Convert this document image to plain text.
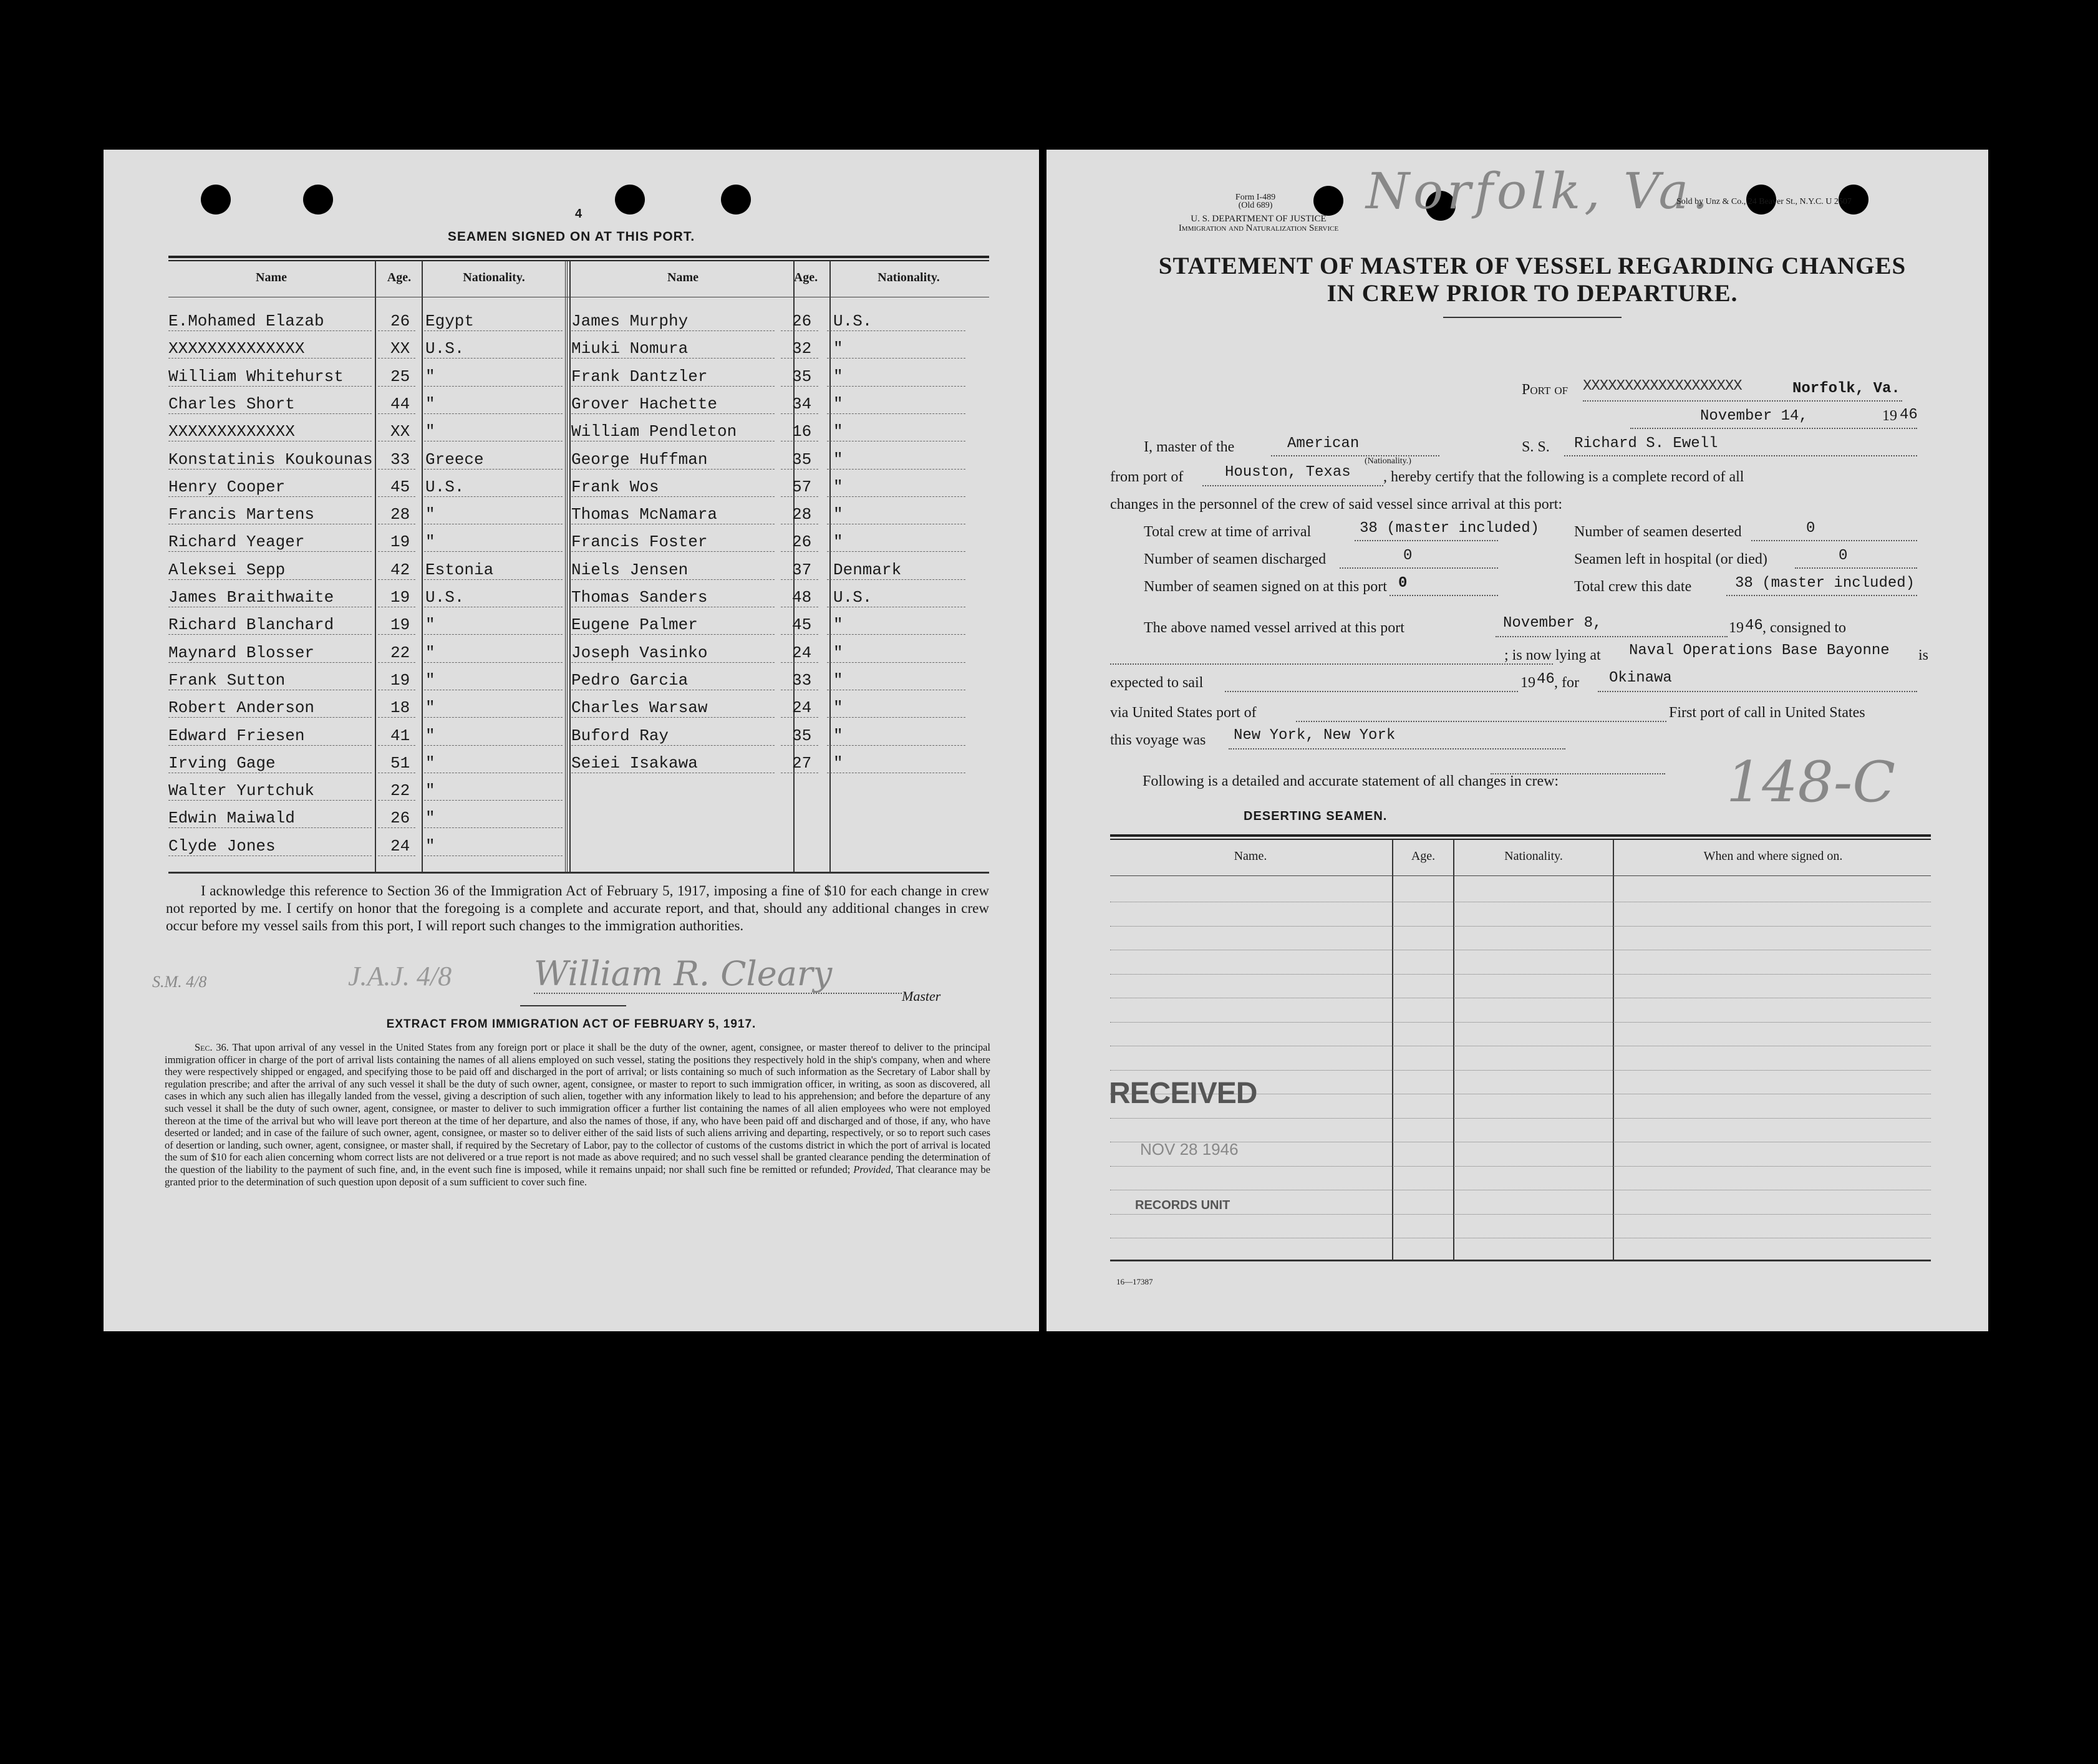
4
SEAMEN SIGNED ON AT THIS PORT.
Name	Age.	Nationality.	Name	Age.	Nationality.
E.Mohamed Elazab	26 Egypt
XXXXXXXXXXXXXX	XX U.S.
William Whitehurst	25 "
Charles Short	44 "
XXXXXXXXXXXXX	XX "
Konstatinis Koukounas 33 Greece
Henry Cooper	45 U.S.
Francis Martens	28 "
Richard Yeager	19 "
Aleksei Sepp	42 Estonia
James Braithwaite	19 U.S.
Richard Blanchard	19 "
Maynard Blosser	22 "
Frank Sutton	19 "
Robert Anderson	18 "
Edward Friesen	41 "
Irving Gage	51 "
Walter Yurtchuk	22 "
Edwin Maiwald	26 "
Clyde Jones	24 "
James Murphy	26 U.S.
Miuki Nomura	32 "
Frank Dantzler	35 "
Grover Hachette	34 "
William Pendleton	16 "
George Huffman	35 "
Frank Wos	57 "
Thomas McNamara	28 "
Francis Foster	26 "
Niels Jensen	37 Denmark
Thomas Sanders	48 U.S.
Eugene Palmer	45 "
Joseph Vasinko	24 "
Pedro Garcia	33 "
Charles Warsaw	24 "
Buford Ray	35 "
Seiei Isakawa	27 "

I acknowledge this reference to Section 36 of the Immigration Act of February 5, 1917, imposing a fine of $10 for each change in crew not reported by me. I certify on honor that the foregoing is a complete and accurate report, and that, should any additional changes in crew occur before my vessel sails from this port, I will report such changes to the immigration authorities.

S.M. 4/8	J.A.J. 4/8 William R. Cleary
Master
EXTRACT FROM IMMIGRATION ACT OF FEBRUARY 5, 1917.

Sec. 36. That upon arrival of any vessel in the United States from any foreign port or place it shall be the duty of the owner, agent, consignee, or master thereof to deliver to the principal immigration officer in charge of the port of arrival lists containing the names of all aliens employed on such vessel, stating the positions they respectively hold in the ship's company, when and where they were respectively shipped or engaged, and specifying those to be paid off and discharged in the port of arrival; or lists containing so much of such information as the Secretary of Labor shall by regulation prescribe; and after the arrival of any such vessel it shall be the duty of such owner, agent, consignee, or master to report to such immigration officer, in writing, as soon as discovered, all cases in which any such alien has illegally landed from the vessel, giving a description of such alien, together with any information likely to lead to his apprehension; and before the departure of any such vessel it shall be the duty of such owner, agent, consignee, or master to deliver to such immigration officer a further list containing the names of all alien employees who were not employed thereon at the time of the arrival but who will leave port thereon at the time of her departure, and also the names of those, if any, who have been paid off and discharged and of those, if any, who have deserted or landed; and in case of the failure of such owner, agent, consignee, or master so to deliver either of the said lists of such aliens arriving and departing, respectively, or so to report such cases of desertion or landing, such owner, agent, consignee, or master shall, if required by the Secretary of Labor, pay to the collector of customs of the customs district in which the port of arrival is located the sum of $10 for each alien concerning whom correct lists are not delivered or a true report is not made as above required; and no such vessel shall be granted clearance pending the determination of the question of the liability to the payment of such fine, and, in the event such fine is imposed, while it remains unpaid; nor shall such fine be remitted or refunded; Provided, That clearance may be granted prior to the determination of such question upon deposit of a sum sufficient to cover such fine.

Form I-489
(Old 689)
U. S. DEPARTMENT OF JUSTICE
Immigration and Naturalization Service
Norfolk, Va.
Sold by Unz & Co., 24 Beaver St., N.Y.C. U 2507
STATEMENT OF MASTER OF VESSEL REGARDING CHANGES
IN CREW PRIOR TO DEPARTURE.
Port of XXXXXXXXXXXXXXXXXXX	Norfolk, Va.
November 14,	19 46
I, master of the	American
(Nationality.)
S. S. Richard S. Ewell
from port of	Houston, Texas , hereby certify that the following is a complete record of all
changes in the personnel of the crew of said vessel since arrival at this port:
Total crew at time of arrival	38 (master included) Number of seamen deserted	0
Number of seamen discharged	0	Seamen left in hospital (or died)	0
Number of seamen signed on at this port 0	Total crew this date	38 (master included)
The above named vessel arrived at this port	November 8,	19 46 , consigned to
; is now lying at Naval Operations Base Bayonne is
expected to sail	19 46 , for Okinawa
via United States port of	First port of call in United States
this voyage was New York, New York
Following is a detailed and accurate statement of all changes in crew:	148-C
DESERTING SEAMEN.
Name.	Age.	Nationality.	When and where signed on.
RECEIVED
NOV 28 1946
RECORDS UNIT
16—17387
